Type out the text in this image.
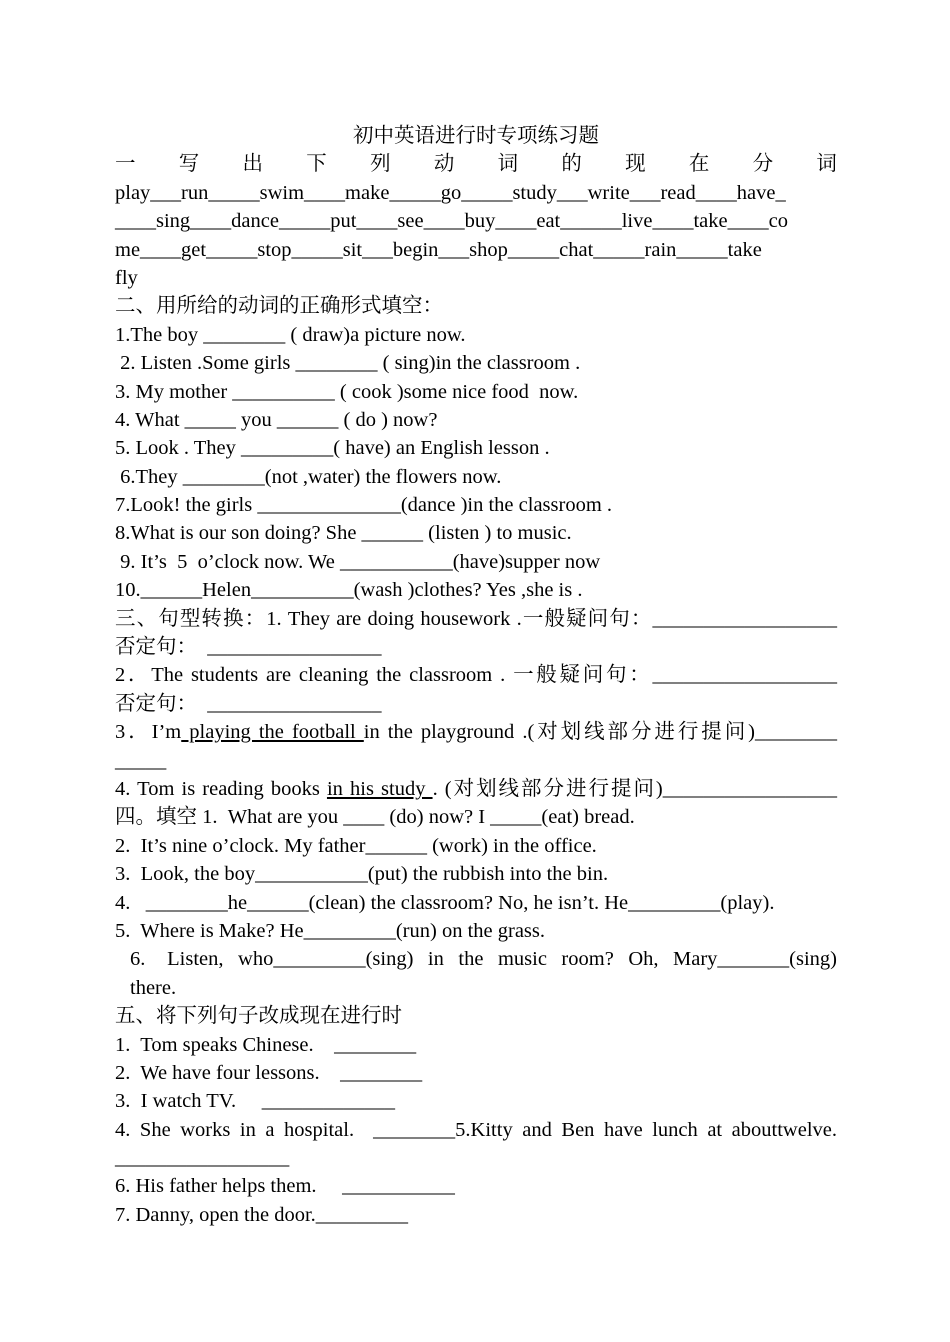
初中英语进行时专项练习题
一 写 出 下 列 动 词 的 现 在 分 词
play___run_____swim____make_____go_____study___write___read____have_
____sing____dance_____put____see____buy____eat______live____take____co
me____get_____stop_____sit___begin___shop_____chat_____rain_____take
fly
二、用所给的动词的正确形式填空：
1.The boy ________ ( draw)a picture now.
2. Listen .Some girls ________ ( sing)in the classroom .
3. My mother __________ ( cook )some nice food  now.
4. What _____ you ______ ( do ) now?
5. Look . They _________( have) an English lesson .
6.They ________(not ,water) the flowers now.
7.Look! the girls ______________(dance )in the classroom .
8.What is our son doing? She ______ (listen ) to music.
9. It’s  5  o’clock now. We ___________(have)supper now
10.______Helen__________(wash )clothes? Yes ,she is .
三、句型转换：1. They are doing housework .一般疑问句：__________________
否定句：  _________________
2．The students are cleaning the classroom . 一般疑问句：__________________
否定句：  _________________
3．I’m playing the football in the playground .(对划线部分进行提问)________
_____
4. Tom is reading books in his study . (对划线部分进行提问)_________________
四。填空 1.  What are you ____ (do) now? I _____(eat) bread.
2.  It’s nine o’clock. My father______ (work) in the office.
3.  Look, the boy___________(put) the rubbish into the bin.
4.   ________he______(clean) the classroom? No, he isn’t. He_________(play).
5.  Where is Make? He_________(run) on the grass.
6.   Listen,  who_________(sing)  in  the  music  room?  Oh,  Mary_______(sing)
there.
五、将下列句子改成现在进行时
1.  Tom speaks Chinese.    ________
2.  We have four lessons.    ________
3.  I watch TV.     _____________
4. She works in a hospital.  ________5.Kitty and Ben have lunch at abouttwelve.
_________________
6. His father helps them.     ___________
7. Danny, open the door._________
